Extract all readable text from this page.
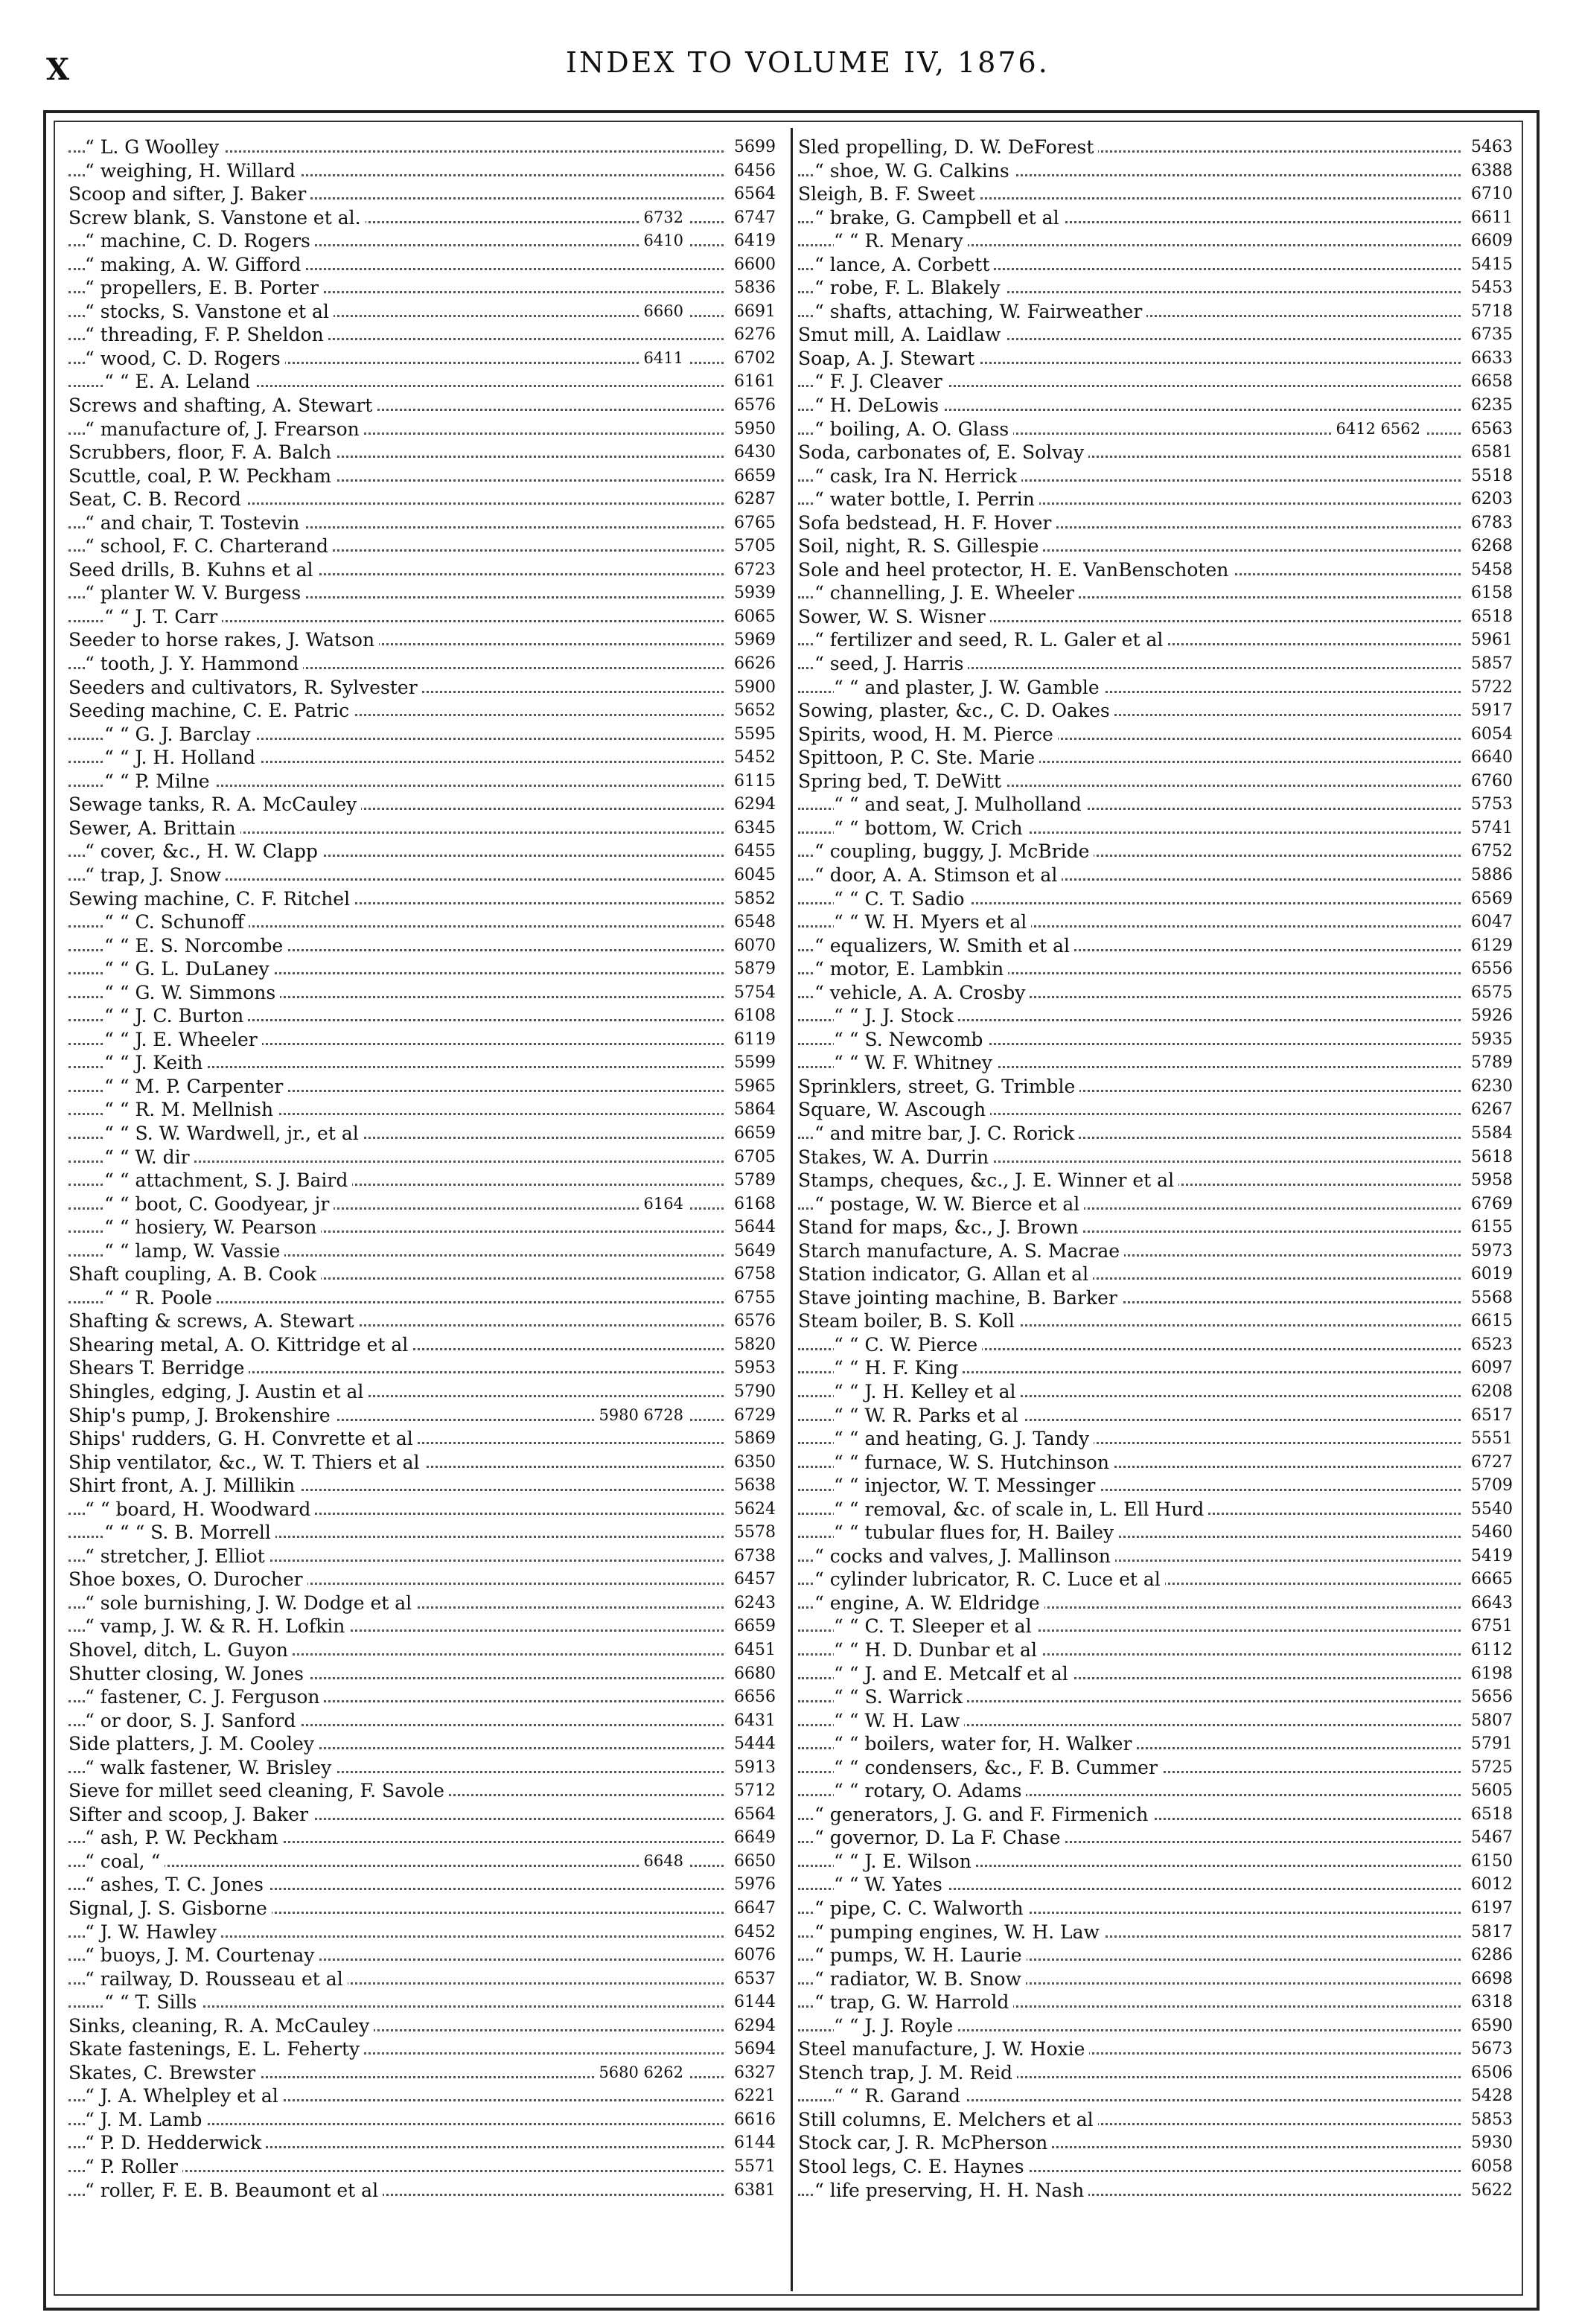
X	INDEX TO VOLUME IV, 1876.
“ L. G Woolley	5699
“ weighing, H. Willard	6456
Scoop and sifter, J. Baker	6564
Screw blank, S. Vanstone et al.	6732	6747
“ machine, C. D. Rogers	6410	6419
“ making, A. W. Gifford	6600
“ propellers, E. B. Porter	5836
“ stocks, S. Vanstone et al	6660	6691
“ threading, F. P. Sheldon	6276
“ wood, C. D. Rogers	6411	6702
“ “ E. A. Leland	6161
Screws and shafting, A. Stewart	6576
“ manufacture of, J. Frearson	5950
Scrubbers, floor, F. A. Balch	6430
Scuttle, coal, P. W. Peckham	6659
Seat, C. B. Record	6287
“ and chair, T. Tostevin	6765
“ school, F. C. Charterand	5705
Seed drills, B. Kuhns et al	6723
“ planter W. V. Burgess	5939
“ “ J. T. Carr	6065
Seeder to horse rakes, J. Watson	5969
“ tooth, J. Y. Hammond	6626
Seeders and cultivators, R. Sylvester	5900
Seeding machine, C. E. Patric	5652
“ “ G. J. Barclay	5595
“ “ J. H. Holland	5452
“ “ P. Milne	6115
Sewage tanks, R. A. McCauley	6294
Sewer, A. Brittain	6345
“ cover, &c., H. W. Clapp	6455
“ trap, J. Snow	6045
Sewing machine, C. F. Ritchel	5852
“ “ C. Schunoff	6548
“ “ E. S. Norcombe	6070
“ “ G. L. DuLaney	5879
“ “ G. W. Simmons	5754
“ “ J. C. Burton	6108
“ “ J. E. Wheeler	6119
“ “ J. Keith	5599
“ “ M. P. Carpenter	5965
“ “ R. M. Mellnish	5864
“ “ S. W. Wardwell, jr., et al	6659
“ “ W. dir	6705
“ “ attachment, S. J. Baird	5789
“ “ boot, C. Goodyear, jr	6164	6168
“ “ hosiery, W. Pearson	5644
“ “ lamp, W. Vassie	5649
Shaft coupling, A. B. Cook	6758
“ “ R. Poole	6755
Shafting & screws, A. Stewart	6576
Shearing metal, A. O. Kittridge et al	5820
Shears T. Berridge	5953
Shingles, edging, J. Austin et al	5790
Ship's pump, J. Brokenshire	5980 6728	6729
Ships' rudders, G. H. Convrette et al	5869
Ship ventilator, &c., W. T. Thiers et al	6350
Shirt front, A. J. Millikin	5638
“ “ board, H. Woodward	5624
“ “ “ S. B. Morrell	5578
“ stretcher, J. Elliot	6738
Shoe boxes, O. Durocher	6457
“ sole burnishing, J. W. Dodge et al	6243
“ vamp, J. W. & R. H. Lofkin	6659
Shovel, ditch, L. Guyon	6451
Shutter closing, W. Jones	6680
“ fastener, C. J. Ferguson	6656
“ or door, S. J. Sanford	6431
Side platters, J. M. Cooley	5444
“ walk fastener, W. Brisley	5913
Sieve for millet seed cleaning, F. Savole	5712
Sifter and scoop, J. Baker	6564
“ ash, P. W. Peckham	6649
“ coal, “	6648	6650
“ ashes, T. C. Jones	5976
Signal, J. S. Gisborne	6647
“ J. W. Hawley	6452
“ buoys, J. M. Courtenay	6076
“ railway, D. Rousseau et al	6537
“ “ T. Sills	6144
Sinks, cleaning, R. A. McCauley	6294
Skate fastenings, E. L. Feherty	5694
Skates, C. Brewster	5680 6262	6327
“ J. A. Whelpley et al	6221
“ J. M. Lamb	6616
“ P. D. Hedderwick	6144
“ P. Roller	5571
“ roller, F. E. B. Beaumont et al	6381
Sled propelling, D. W. DeForest	5463
“ shoe, W. G. Calkins	6388
Sleigh, B. F. Sweet	6710
“ brake, G. Campbell et al	6611
“ “ R. Menary	6609
“ lance, A. Corbett	5415
“ robe, F. L. Blakely	5453
“ shafts, attaching, W. Fairweather	5718
Smut mill, A. Laidlaw	6735
Soap, A. J. Stewart	6633
“ F. J. Cleaver	6658
“ H. DeLowis	6235
“ boiling, A. O. Glass	6412 6562	6563
Soda, carbonates of, E. Solvay	6581
“ cask, Ira N. Herrick	5518
“ water bottle, I. Perrin	6203
Sofa bedstead, H. F. Hover	6783
Soil, night, R. S. Gillespie	6268
Sole and heel protector, H. E. VanBenschoten	5458
“ channelling, J. E. Wheeler	6158
Sower, W. S. Wisner	6518
“ fertilizer and seed, R. L. Galer et al	5961
“ seed, J. Harris	5857
“ “ and plaster, J. W. Gamble	5722
Sowing, plaster, &c., C. D. Oakes	5917
Spirits, wood, H. M. Pierce	6054
Spittoon, P. C. Ste. Marie	6640
Spring bed, T. DeWitt	6760
“ “ and seat, J. Mulholland	5753
“ “ bottom, W. Crich	5741
“ coupling, buggy, J. McBride	6752
“ door, A. A. Stimson et al	5886
“ “ C. T. Sadio	6569
“ “ W. H. Myers et al	6047
“ equalizers, W. Smith et al	6129
“ motor, E. Lambkin	6556
“ vehicle, A. A. Crosby	6575
“ “ J. J. Stock	5926
“ “ S. Newcomb	5935
“ “ W. F. Whitney	5789
Sprinklers, street, G. Trimble	6230
Square, W. Ascough	6267
“ and mitre bar, J. C. Rorick	5584
Stakes, W. A. Durrin	5618
Stamps, cheques, &c., J. E. Winner et al	5958
“ postage, W. W. Bierce et al	6769
Stand for maps, &c., J. Brown	6155
Starch manufacture, A. S. Macrae	5973
Station indicator, G. Allan et al	6019
Stave jointing machine, B. Barker	5568
Steam boiler, B. S. Koll	6615
“ “ C. W. Pierce	6523
“ “ H. F. King	6097
“ “ J. H. Kelley et al	6208
“ “ W. R. Parks et al	6517
“ “ and heating, G. J. Tandy	5551
“ “ furnace, W. S. Hutchinson	6727
“ “ injector, W. T. Messinger	5709
“ “ removal, &c. of scale in, L. Ell Hurd	5540
“ “ tubular flues for, H. Bailey	5460
“ cocks and valves, J. Mallinson	5419
“ cylinder lubricator, R. C. Luce et al	6665
“ engine, A. W. Eldridge	6643
“ “ C. T. Sleeper et al	6751
“ “ H. D. Dunbar et al	6112
“ “ J. and E. Metcalf et al	6198
“ “ S. Warrick	5656
“ “ W. H. Law	5807
“ “ boilers, water for, H. Walker	5791
“ “ condensers, &c., F. B. Cummer	5725
“ “ rotary, O. Adams	5605
“ generators, J. G. and F. Firmenich	6518
“ governor, D. La F. Chase	5467
“ “ J. E. Wilson	6150
“ “ W. Yates	6012
“ pipe, C. C. Walworth	6197
“ pumping engines, W. H. Law	5817
“ pumps, W. H. Laurie	6286
“ radiator, W. B. Snow	6698
“ trap, G. W. Harrold	6318
“ “ J. J. Royle	6590
Steel manufacture, J. W. Hoxie	5673
Stench trap, J. M. Reid	6506
“ “ R. Garand	5428
Still columns, E. Melchers et al	5853
Stock car, J. R. McPherson	5930
Stool legs, C. E. Haynes	6058
“ life preserving, H. H. Nash	5622
